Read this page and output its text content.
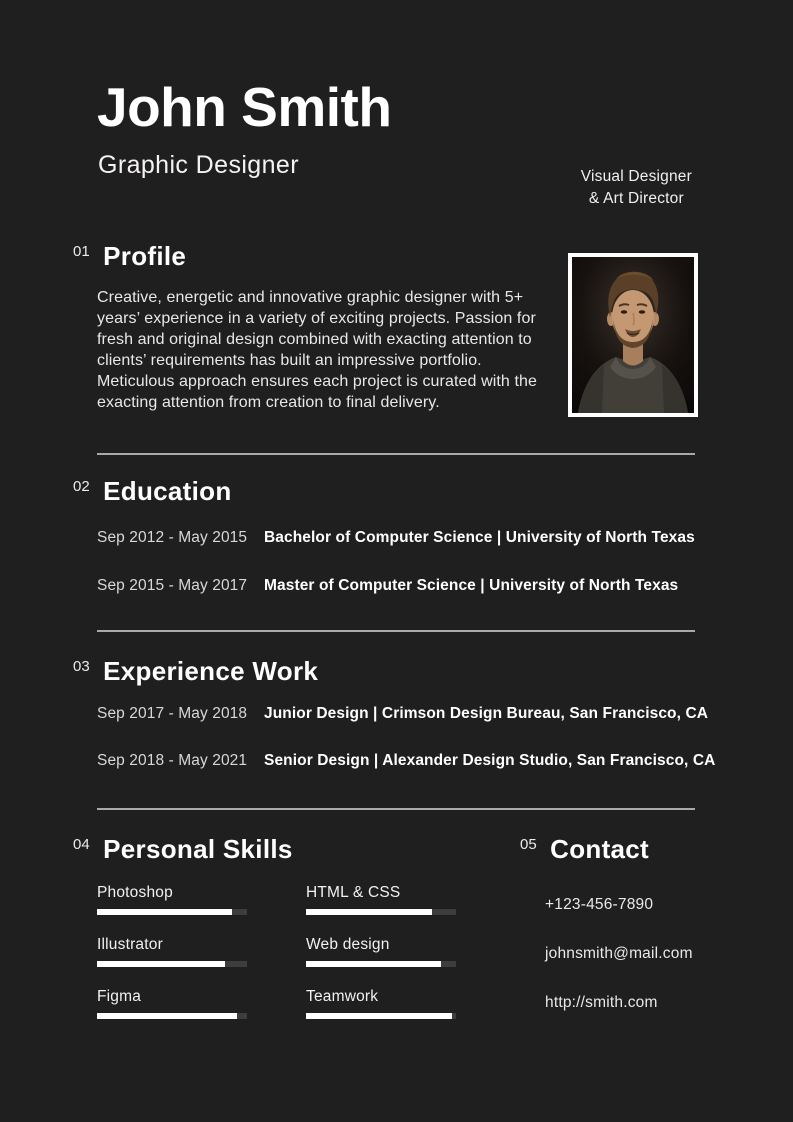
John Smith
Graphic Designer	Visual Designer
& Art Director
01 Profile

Creative, energetic and innovative graphic designer with 5+ years’ experience in a variety of exciting projects. Passion for fresh and original design combined with exacting attention to clients’ requirements has built an impressive portfolio. Meticulous approach ensures each project is curated with the exacting attention from creation to final delivery.

02 Education
Sep 2012 - May 2015	Bachelor of Computer Science | University of North Texas
Sep 2015 - May 2017	Master of Computer Science | University of North Texas
03 Experience Work
Sep 2017 - May 2018	Junior Design | Crimson Design Bureau, San Francisco, CA
Sep 2018 - May 2021	Senior Design | Alexander Design Studio, San Francisco, CA
04 Personal Skills
Photoshop
Illustrator
Figma
HTML & CSS
Web design
Teamwork
05 Contact
+123-456-7890
johnsmith@mail.com
http://smith.com
